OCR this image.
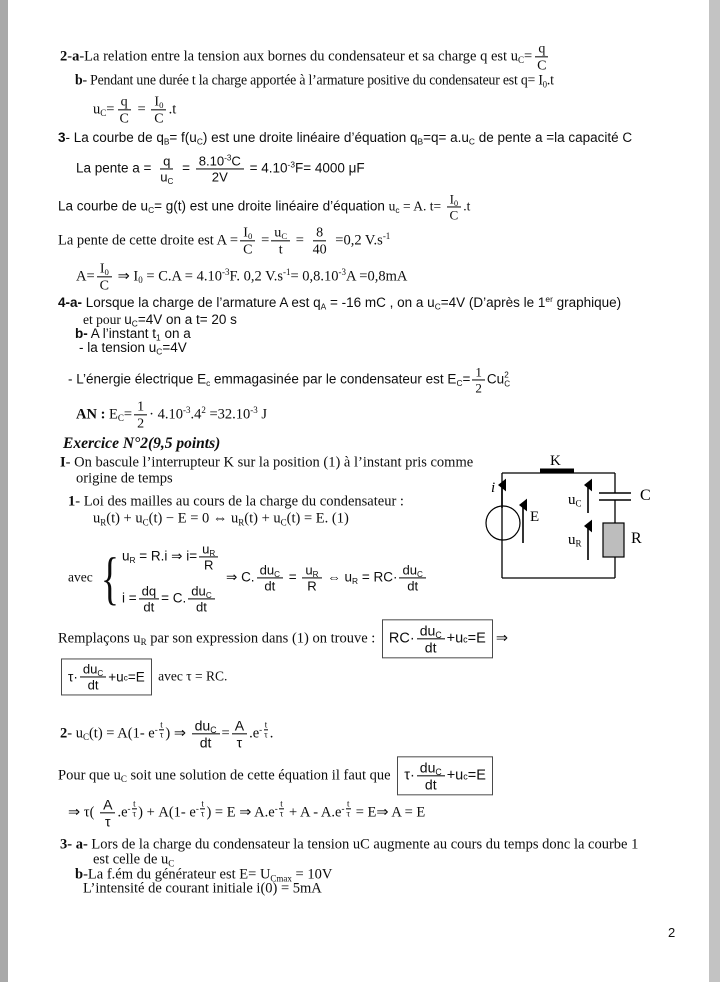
2-a-La relation entre la tension aux bornes du condensateur et sa charge q est $u_C= \frac{q}{C}$
b- Pendant une durée t la charge apportée à l’armature positive du condensateur est $q= I_0.t$
$u_C= \frac{q}{C} = \frac{I_0}{C} .t$
3- La courbe de $q_B= f(u_C)$ est une droite linéaire d’équation $q_B=q= a.u_C$ de pente a =la capacité C
La pente $a = \frac{q}{u_C} = \frac{8.10^{-3}C}{2V} = 4.10^{-3}F= 4000$ μF
La courbe de $u_C= g(t)$ est une droite linéaire d’équation $u_c = A$. $t= \frac{I_0}{C} .t$
La pente de cette droite est $A = \frac{I_0}{C} = \frac{u_C}{t} = \frac{8}{40} =0,2$ $V.s^{-1}$
$A= \frac{I_0}{C}$ ⇒ $I_0 = C.A = 4.10^{-3}F$. 0,2 $V.s^{-1}= 0,8.10^{-3}A =0,8mA$
4-a- Lorsque la charge de l’armature A est $q_A = -16$ mC , on a $u_C=4V$ (D’après le 1er graphique)
et pour $u_C=4V$ on a t= 20 s
b- A l’instant $t_1$ on a
- la tension $u_C=4V$
- L’énergie électrique $E_c$ emmagasinée par le condensateur est $E_C= \frac{1}{2}$ Cu 2
C
AN : $E_C= \frac{1}{2} \cdot 4.10^{-3}.4^2 =32.10^{-3}$ J
Exercice N°2(9,5 points)
I- On bascule l’interrupteur K sur la position (1) à l’instant pris comme
origine de temps
1- Loi des mailles au cours de la charge du condensateur :
$u_R(t) + u_C(t) - E = 0$ ⇔ $u_R(t) + u_C(t) = E$. (1)
avec { $u_R = R.i$ ⇒ $i= \frac{u_R}{R}$
$i = \frac{dq}{dt} = C$. $\frac{du_C}{dt}$
⇒ C. $\frac{du_C}{dt} = \frac{u_R}{R}$ ⇔ $u_R = RC\cdot \frac{du_C}{dt}$
Remplaçons $u_R$ par son expression dans (1) on trouve : $RC\cdot \frac{du_C}{dt} +u$ c =E ⇒
$\tau\cdot \frac{du_C}{dt} +u$ c =E avec τ = RC.
2- $u_C(t) = A(1-$ $e^{- \frac{t}{\tau}}$ ) ⇒ $\frac{du_C}{dt} = \frac{A}{\tau} .e^{- \frac{t}{\tau}}$ .
Pour que $u_C$ soit une solution de cette équation il faut que $\tau\cdot \frac{du_C}{dt} +u$ c =E
⇒ $\tau( \frac{A}{\tau} .e^{- \frac{t}{\tau}}$ ) + A(1- $e^{- \frac{t}{\tau}}$ ) = E ⇒ $A.e^{- \frac{t}{\tau}} + A - A.e^{- \frac{t}{\tau}}$ = E⇒ A = E
3- a- Lors de la charge du condensateur la tension uC augmente au cours du temps donc la courbe 1
est celle de $u_C$
b-La f.ém du générateur est $E= U_{Cmax} = 10V$
L’intensité de courant initiale i(0) = 5mA
K
i
E
$u_C$	C
$u_R$	R
2
